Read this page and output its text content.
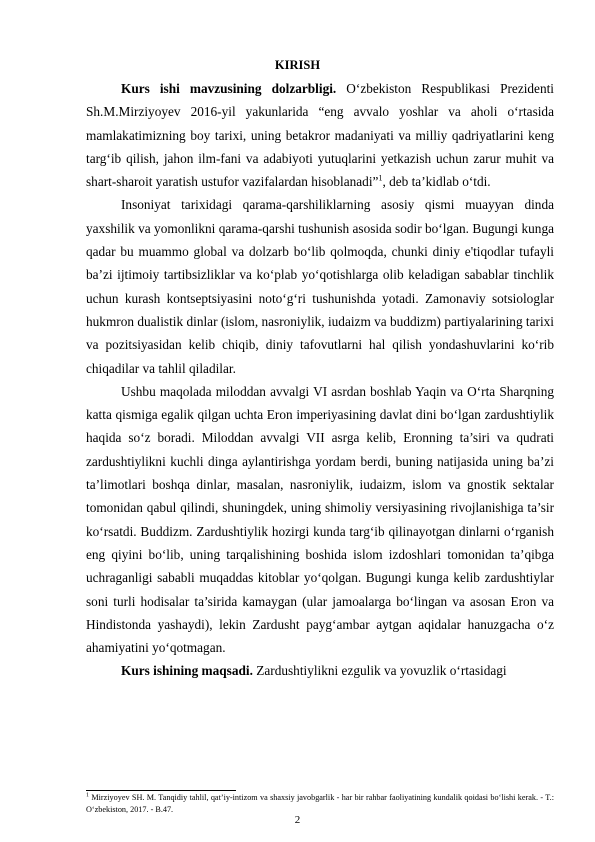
KIRISH

Kurs ishi mavzusining dolzarbligi. O‘zbekiston Respublikasi Prezidenti Sh.M.Mirziyoyev 2016-yil yakunlarida “eng avvalo yoshlar va aholi o‘rtasida mamlakatimizning boy tarixi, uning betakror madaniyati va milliy qadriyatlarini keng targ‘ib qilish, jahon ilm-fani va adabiyoti yutuqlarini yetkazish uchun zarur muhit va shart-sharoit yaratish ustufor vazifalardan hisoblanadi”$^1$, deb ta’kidlab o‘tdi.

Insoniyat tarixidagi qarama-qarshiliklarning asosiy qismi muayyan dinda yaxshilik va yomonlikni qarama-qarshi tushunish asosida sodir bo‘lgan. Bugungi kunga qadar bu muammo global va dolzarb bo‘lib qolmoqda, chunki diniy e'tiqodlar tufayli ba’zi ijtimoiy tartibsizliklar va ko‘plab yo‘qotishlarga olib keladigan sabablar tinchlik uchun kurash kontseptsiyasini noto‘g‘ri tushunishda yotadi. Zamonaviy sotsiologlar hukmron dualistik dinlar (islom, nasroniylik, iudaizm va buddizm) partiyalarining tarixi va pozitsiyasidan kelib chiqib, diniy tafovutlarni hal qilish yondashuvlarini ko‘rib chiqadilar va tahlil qiladilar.

Ushbu maqolada miloddan avvalgi VI asrdan boshlab Yaqin va O‘rta Sharqning katta qismiga egalik qilgan uchta Eron imperiyasining davlat dini bo‘lgan zardushtiylik haqida so‘z boradi. Miloddan avvalgi VII asrga kelib, Eronning ta’siri va qudrati zardushtiylikni kuchli dinga aylantirishga yordam berdi, buning natijasida uning ba’zi ta’limotlari boshqa dinlar, masalan, nasroniylik, iudaizm, islom va gnostik sektalar tomonidan qabul qilindi, shuningdek, uning shimoliy versiyasining rivojlanishiga ta’sir ko‘rsatdi. Buddizm. Zardushtiylik hozirgi kunda targ‘ib qilinayotgan dinlarni o‘rganish eng qiyini bo‘lib, uning tarqalishining boshida islom izdoshlari tomonidan ta’qibga uchraganligi sababli muqaddas kitoblar yo‘qolgan. Bugungi kunga kelib zardushtiylar soni turli hodisalar ta’sirida kamaygan (ular jamoalarga bo‘lingan va asosan Eron va Hindistonda yashaydi), lekin Zardusht payg‘ambar aytgan aqidalar hanuzgacha o‘z ahamiyatini yo‘qotmagan.

Kurs ishining maqsadi. Zardushtiylikni ezgulik va yovuzlik o‘rtasidagi

$^1$ Mirziyoyev SH. M. Tanqidiy tahlil, qat’iy-intizom va shaxsiy javobgarlik - har bir rahbar faoliyatining kundalik qoidasi bo‘lishi kerak. - T.: O‘zbekiston, 2017. - B.47.
2
